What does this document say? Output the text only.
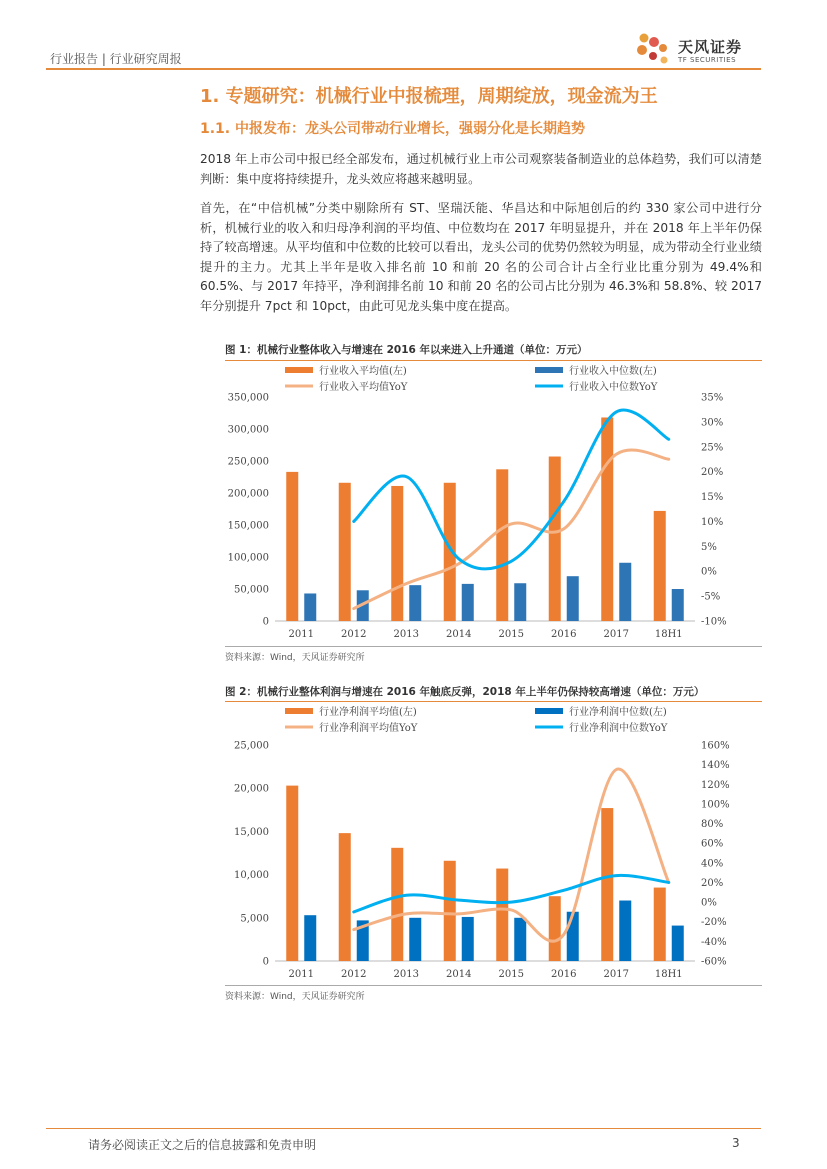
行业报告 | 行业研究周报
天风证券
TF SECURITIES
1. 专题研究：机械行业中报梳理，周期绽放，现金流为王
1.1. 中报发布：龙头公司带动行业增长，强弱分化是长期趋势
2018 年上市公司中报已经全部发布，通过机械行业上市公司观察装备制造业的总体趋势，我们可以清楚判断：集中度将持续提升，龙头效应将越来越明显。
首先，在“中信机械”分类中剔除所有 ST、坚瑞沃能、华昌达和中际旭创后的约 330 家公司中进行分析，机械行业的收入和归母净利润的平均值、中位数均在 2017 年明显提升，并在 2018 年上半年仍保持了较高增速。从平均值和中位数的比较可以看出，龙头公司的优势仍然较为明显，成为带动全行业业绩提升的主力。尤其上半年是收入排名前 10 和前 20 名的公司合计占全行业比重分别为 49.4%和 60.5%、与 2017 年持平，净利润排名前 10 和前 20 名的公司占比分别为 46.3%和 58.8%、较 2017 年分别提升 7pct 和 10pct，由此可见龙头集中度在提高。
图 1：机械行业整体收入与增速在 2016 年以来进入上升通道（单位：万元）
行业收入平均值(左)	行业收入中位数(左)
行业收入平均值YoY	行业收入中位数YoY
0
50,000
100,000
150,000
200,000
250,000
300,000
350,000
-10%
-5%
0%
5%
10%
15%
20%
25%
30%
35%
2011	2012	2013	2014	2015	2016	2017	18H1
资料来源：Wind，天风证券研究所
图 2：机械行业整体利润与增速在 2016 年触底反弹，2018 年上半年仍保持较高增速（单位：万元）
行业净利润平均值(左)	行业净利润中位数(左)
行业净利润平均值YoY	行业净利润中位数YoY
0
5,000
10,000
15,000
20,000
25,000
-60%
-40%
-20%
0%
20%
40%
60%
80%
100%
120%
140%
160%
2011	2012	2013	2014	2015	2016	2017	18H1
资料来源：Wind，天风证券研究所
请务必阅读正文之后的信息披露和免责申明	3
